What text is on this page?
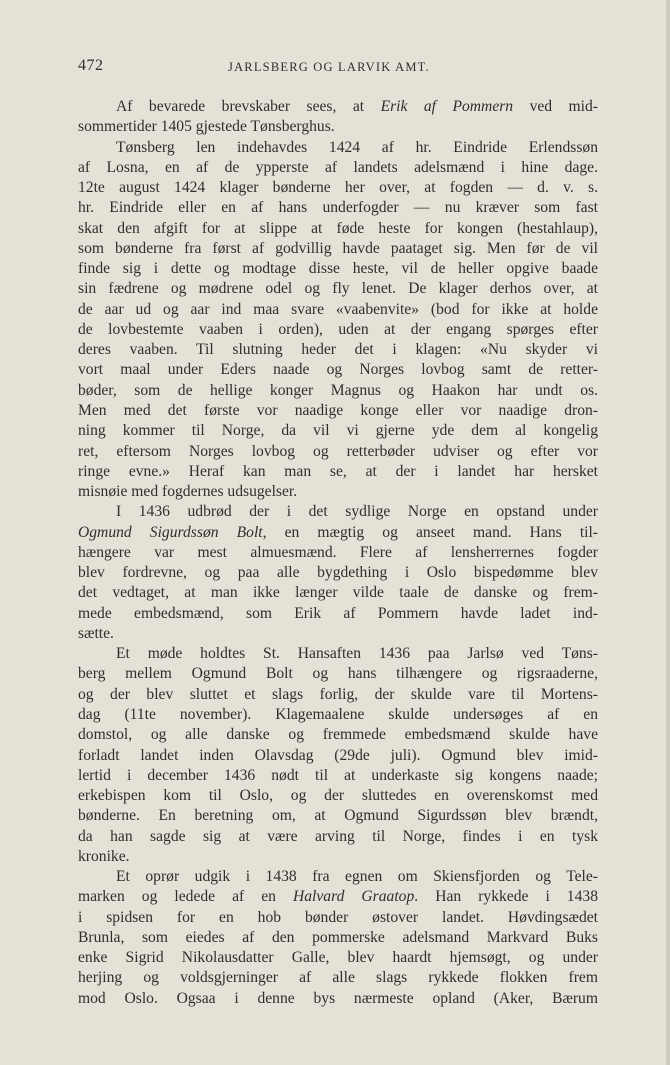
472	JARLSBERG OG LARVIK AMT.
Af bevarede brevskaber sees, at Erik af Pommern ved mid-
sommertider 1405 gjestede Tønsberghus.
Tønsberg len indehavdes 1424 af hr. Eindride Erlendssøn
af Losna, en af de ypperste af landets adelsmænd i hine dage.
12te august 1424 klager bønderne her over, at fogden — d. v. s.
hr. Eindride eller en af hans underfogder — nu kræver som fast
skat den afgift for at slippe at føde heste for kongen (hestahlaup),
som bønderne fra først af godvillig havde paataget sig. Men før de vil
finde sig i dette og modtage disse heste, vil de heller opgive baade
sin fædrene og mødrene odel og fly lenet. De klager derhos over, at
de aar ud og aar ind maa svare «vaabenvite» (bod for ikke at holde
de lovbestemte vaaben i orden), uden at der engang spørges efter
deres vaaben. Til slutning heder det i klagen: «Nu skyder vi
vort maal under Eders naade og Norges lovbog samt de retter-
bøder, som de hellige konger Magnus og Haakon har undt os.
Men med det første vor naadige konge eller vor naadige dron-
ning kommer til Norge, da vil vi gjerne yde dem al kongelig
ret, eftersom Norges lovbog og retterbøder udviser og efter vor
ringe evne.» Heraf kan man se, at der i landet har hersket
misnøie med fogdernes udsugelser.
I 1436 udbrød der i det sydlige Norge en opstand under
Ogmund Sigurdssøn Bolt, en mægtig og anseet mand. Hans til-
hængere var mest almuesmænd. Flere af lensherrernes fogder
blev fordrevne, og paa alle bygdething i Oslo bispedømme blev
det vedtaget, at man ikke længer vilde taale de danske og frem-
mede embedsmænd, som Erik af Pommern havde ladet ind-
sætte.
Et møde holdtes St. Hansaften 1436 paa Jarlsø ved Tøns-
berg mellem Ogmund Bolt og hans tilhængere og rigsraaderne,
og der blev sluttet et slags forlig, der skulde vare til Mortens-
dag (11te november). Klagemaalene skulde undersøges af en
domstol, og alle danske og fremmede embedsmænd skulde have
forladt landet inden Olavsdag (29de juli). Ogmund blev imid-
lertid i december 1436 nødt til at underkaste sig kongens naade;
erkebispen kom til Oslo, og der sluttedes en overenskomst med
bønderne. En beretning om, at Ogmund Sigurdssøn blev brændt,
da han sagde sig at være arving til Norge, findes i en tysk
kronike.
Et oprør udgik i 1438 fra egnen om Skiensfjorden og Tele-
marken og ledede af en Halvard Graatop. Han rykkede i 1438
i spidsen for en hob bønder østover landet. Høvdingsædet
Brunla, som eiedes af den pommerske adelsmand Markvard Buks
enke Sigrid Nikolausdatter Galle, blev haardt hjemsøgt, og under
herjing og voldsgjerninger af alle slags rykkede flokken frem
mod Oslo. Ogsaa i denne bys nærmeste opland (Aker, Bærum
